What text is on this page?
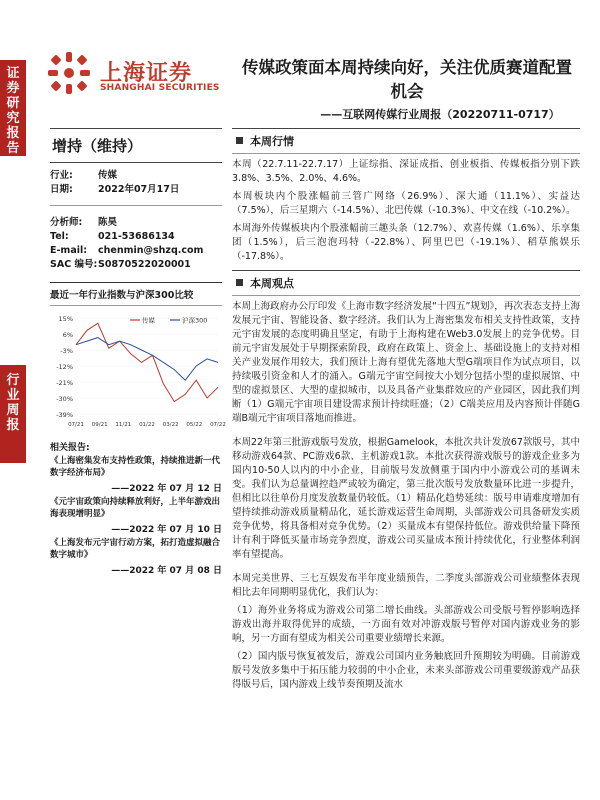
证
券
研
究
报
告
行
业
周
报
上海证券
SHANGHAI SECURITIES
传媒政策面本周持续向好，关注优质赛道配置机会
——互联网传媒行业周报（20220711-0717）
增持（维持）
行业:	传媒
日期:	2022年07月17日
分析师:	陈昊
Tel:	021-53686134
E-mail:	chenmin@shzq.com
SAC 编号: S0870522020001
最近一年行业指数与沪深300比较
15%
6%
-3%
-12%
-21%
-30%
-39%
07/21 09/21 11/21 01/22 03/22 05/22 07/22
传媒	沪深300
相关报告:
《上海密集发布支持性政策，持续推进新一代数字经济布局》
——2022 年 07 月 12 日
《元宇宙政策向持续释放利好，上半年游戏出海表现增明显》
——2022 年 07 月 10 日
《上海发布元宇宙行动方案，拓打造虚拟融合数字城市》
——2022 年 07 月 08 日
本周行情

本周（22.7.11-22.7.17）上证综指、深证成指、创业板指、传媒板指分别下跌 3.8%、3.5%、2.0%、4.6%。

本周板块内个股涨幅前三管广网络（26.9%）、深大通（11.1%）、实益达（7.5%），后三星期六（-14.5%）、北巴传媒（-10.3%）、中文在线（-10.2%）。

本周海外传媒板块内个股涨幅前三趣头条（12.7%）、欢喜传媒（1.6%）、乐享集团（1.5%），后三泡泡玛特（-22.8%）、阿里巴巴（-19.1%）、稻草熊娱乐（-17.8%）。

本周观点

本周上海政府办公厅印发《上海市数字经济发展“十四五”规划》，再次表态支持上海发展元宇宙、智能设备、数字经济。我们认为上海密集发布相关支持性政策，支持元宇宙发展的态度明确且坚定，有助于上海构建在Web3.0发展上的竞争优势。目前元宇宙发展处于早期探索阶段，政府在政策上、资金上、基础设施上的支持对相关产业发展作用较大，我们预计上海有望优先落地大型G端项目作为试点项目，以持续吸引资金和人才的涌入。G端元宇宙空间按大小划分包括小型的虚拟展馆、中型的虚拟景区、大型的虚拟城市，以及具备产业集群效应的产业园区，因此我们判断（1）G端元宇宙项目建设需求预计持续旺盛；（2）C端美应用及内容预计伴随G端B端元宇宙项目落地而推进。

本周22年第三批游戏版号发放，根据Gamelook，本批次共计发放67款版号，其中移动游戏64款、PC游戏6款、主机游戏1款。本批次获得游戏版号的游戏企业多为国内10-50人以内的中小企业，目前版号发放侧重于国内中小游戏公司的基调未变。我们认为总量调控趋严或较为确定，第三批次版号发放数量环比进一步提升，但相比以往单份月度发放数量仍较低。（1）精品化趋势延续：版号申请难度增加有望持续推动游戏质量精品化，延长游戏运营生命周期，头部游戏公司具备研发实质竞争优势，将具备相对竞争优势。（2）买量成本有望保持低位。游戏供给量下降预计有利于降低买量市场竞争烈度，游戏公司买量成本预计持续优化，行业整体利润率有望提高。

本周完美世界、三七互娱发布半年度业绩预告，二季度头部游戏公司业绩整体表现相比去年同期明显优化，我们认为：

（1）海外业务将成为游戏公司第二增长曲线。头部游戏公司受版号暂停影响选择游戏出海并取得优异的成绩，一方面有效对冲游戏版号暂停对国内游戏业务的影响，另一方面有望成为相关公司重要业绩增长来源。

（2）国内版号恢复被发后，游戏公司国内业务触底回升预期较为明确。目前游戏版号发放多集中于拓压能力较弱的中小企业，未来头部游戏公司重要级游戏产品获得版号后，国内游戏上线节奏预期及流水
